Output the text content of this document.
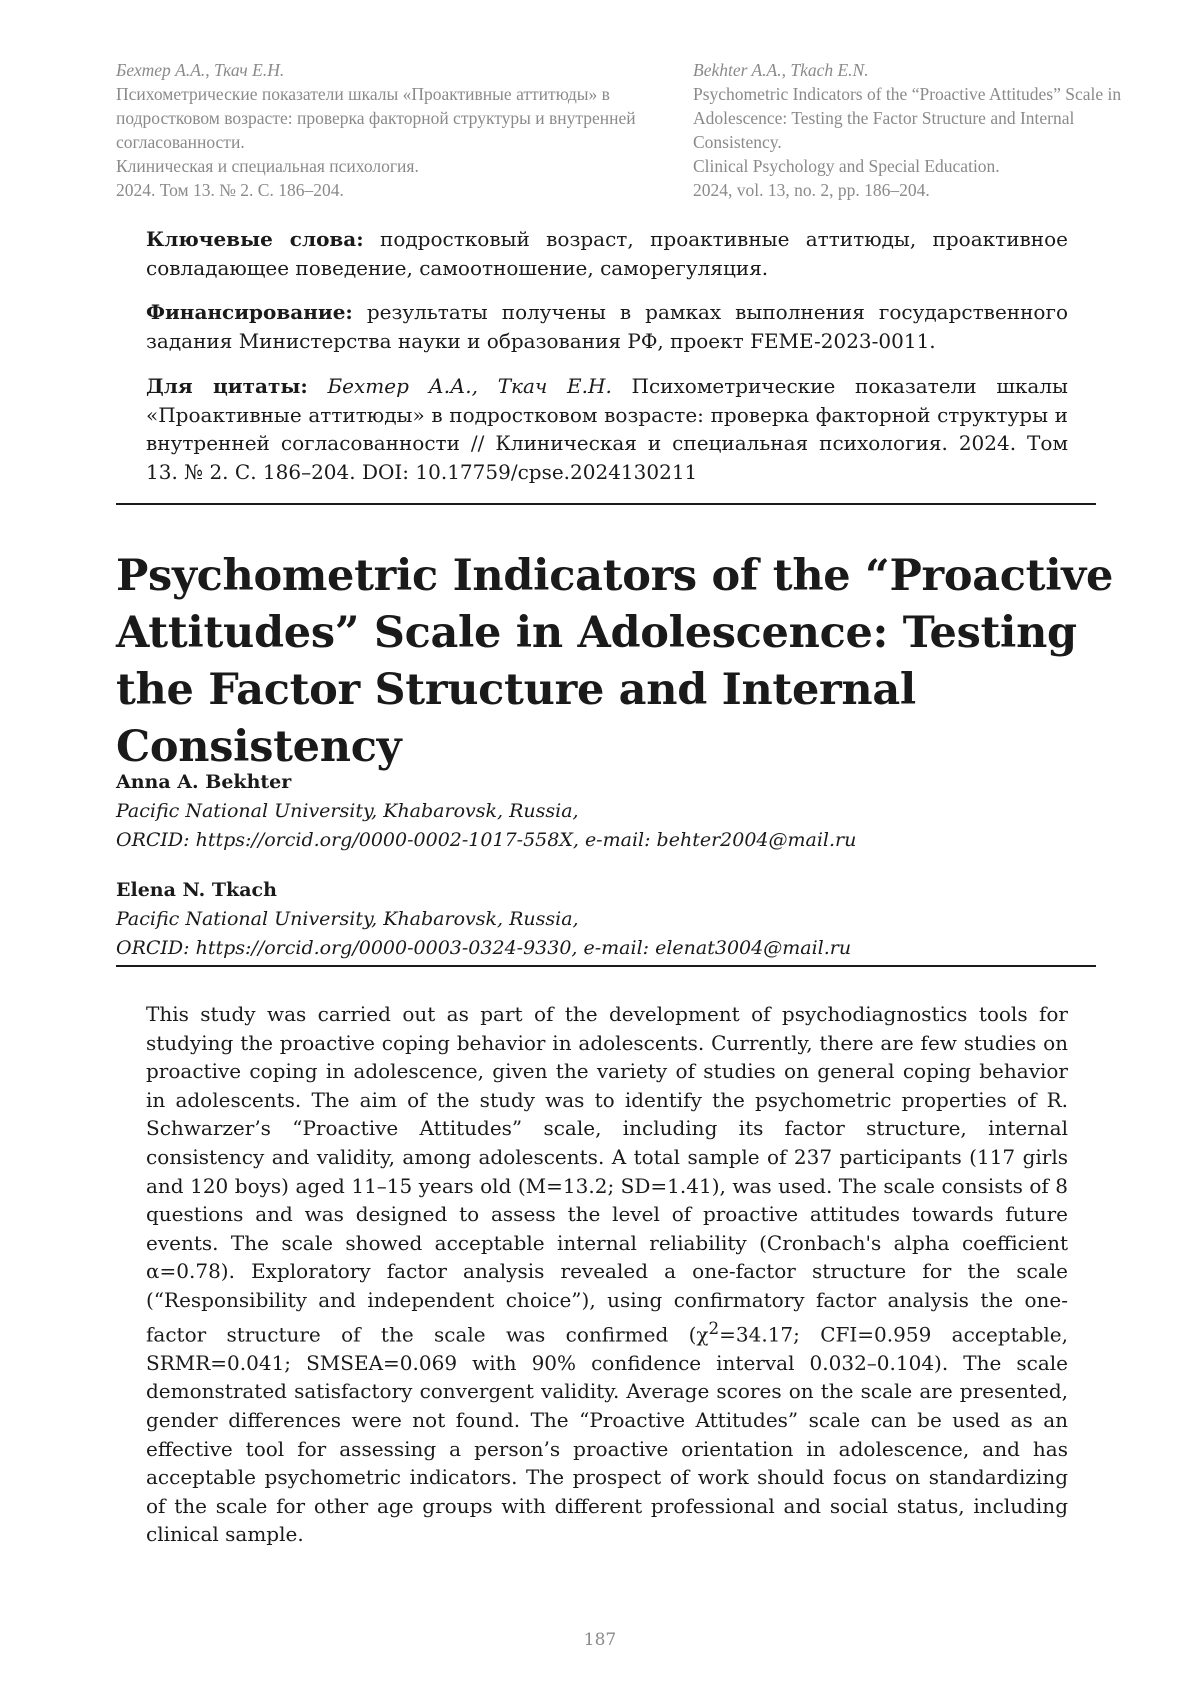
Бехтер А.А., Ткач Е.Н.
Психометрические показатели шкалы «Проактивные аттитюды» в подростковом возрасте: проверка факторной структуры и внутренней согласованности.
Клиническая и специальная психология.
2024. Том 13. № 2. С. 186–204.
Bekhter A.A., Tkach E.N.
Psychometric Indicators of the “Proactive Attitudes” Scale in Adolescence: Testing the Factor Structure and Internal Consistency.
Clinical Psychology and Special Education.
2024, vol. 13, no. 2, pp. 186–204.
Ключевые слова: подростковый возраст, проактивные аттитюды, проактивное совладающее поведение, самоотношение, саморегуляция.
Финансирование: результаты получены в рамках выполнения государственного задания Министерства науки и образования РФ, проект FEME-2023-0011.
Для цитаты: Бехтер А.А., Ткач Е.Н. Психометрические показатели шкалы «Проактивные аттитюды» в подростковом возрасте: проверка факторной структуры и внутренней согласованности // Клиническая и специальная психология. 2024. Том 13. № 2. С. 186–204. DOI: 10.17759/cpse.2024130211
Psychometric Indicators of the “Proactive Attitudes” Scale in Adolescence: Testing the Factor Structure and Internal Consistency
Anna A. Bekhter
Pacific National University, Khabarovsk, Russia,
ORCID: https://orcid.org/0000-0002-1017-558X, e-mail: behter2004@mail.ru
Elena N. Tkach
Pacific National University, Khabarovsk, Russia,
ORCID: https://orcid.org/0000-0003-0324-9330, e-mail: elenat3004@mail.ru
This study was carried out as part of the development of psychodiagnostics tools for studying the proactive coping behavior in adolescents. Currently, there are few studies on proactive coping in adolescence, given the variety of studies on general coping behavior in adolescents. The aim of the study was to identify the psychometric properties of R. Schwarzer’s “Proactive Attitudes” scale, including its factor structure, internal consistency and validity, among adolescents. A total sample of 237 participants (117 girls and 120 boys) aged 11–15 years old (M=13.2; SD=1.41), was used. The scale consists of 8 questions and was designed to assess the level of proactive attitudes towards future events. The scale showed acceptable internal reliability (Cronbach's alpha coefficient α=0.78). Exploratory factor analysis revealed a one-factor structure for the scale (“Responsibility and independent choice”), using confirmatory factor analysis the one-factor structure of the scale was confirmed ($\chi^2=34.17$; CFI=0.959 acceptable, SRMR=0.041; SMSEA=0.069 with 90% confidence interval 0.032–0.104). The scale demonstrated satisfactory convergent validity. Average scores on the scale are presented, gender differences were not found. The “Proactive Attitudes” scale can be used as an effective tool for assessing a person’s proactive orientation in adolescence, and has acceptable psychometric indicators. The prospect of work should focus on standardizing of the scale for other age groups with different professional and social status, including clinical sample.
187
